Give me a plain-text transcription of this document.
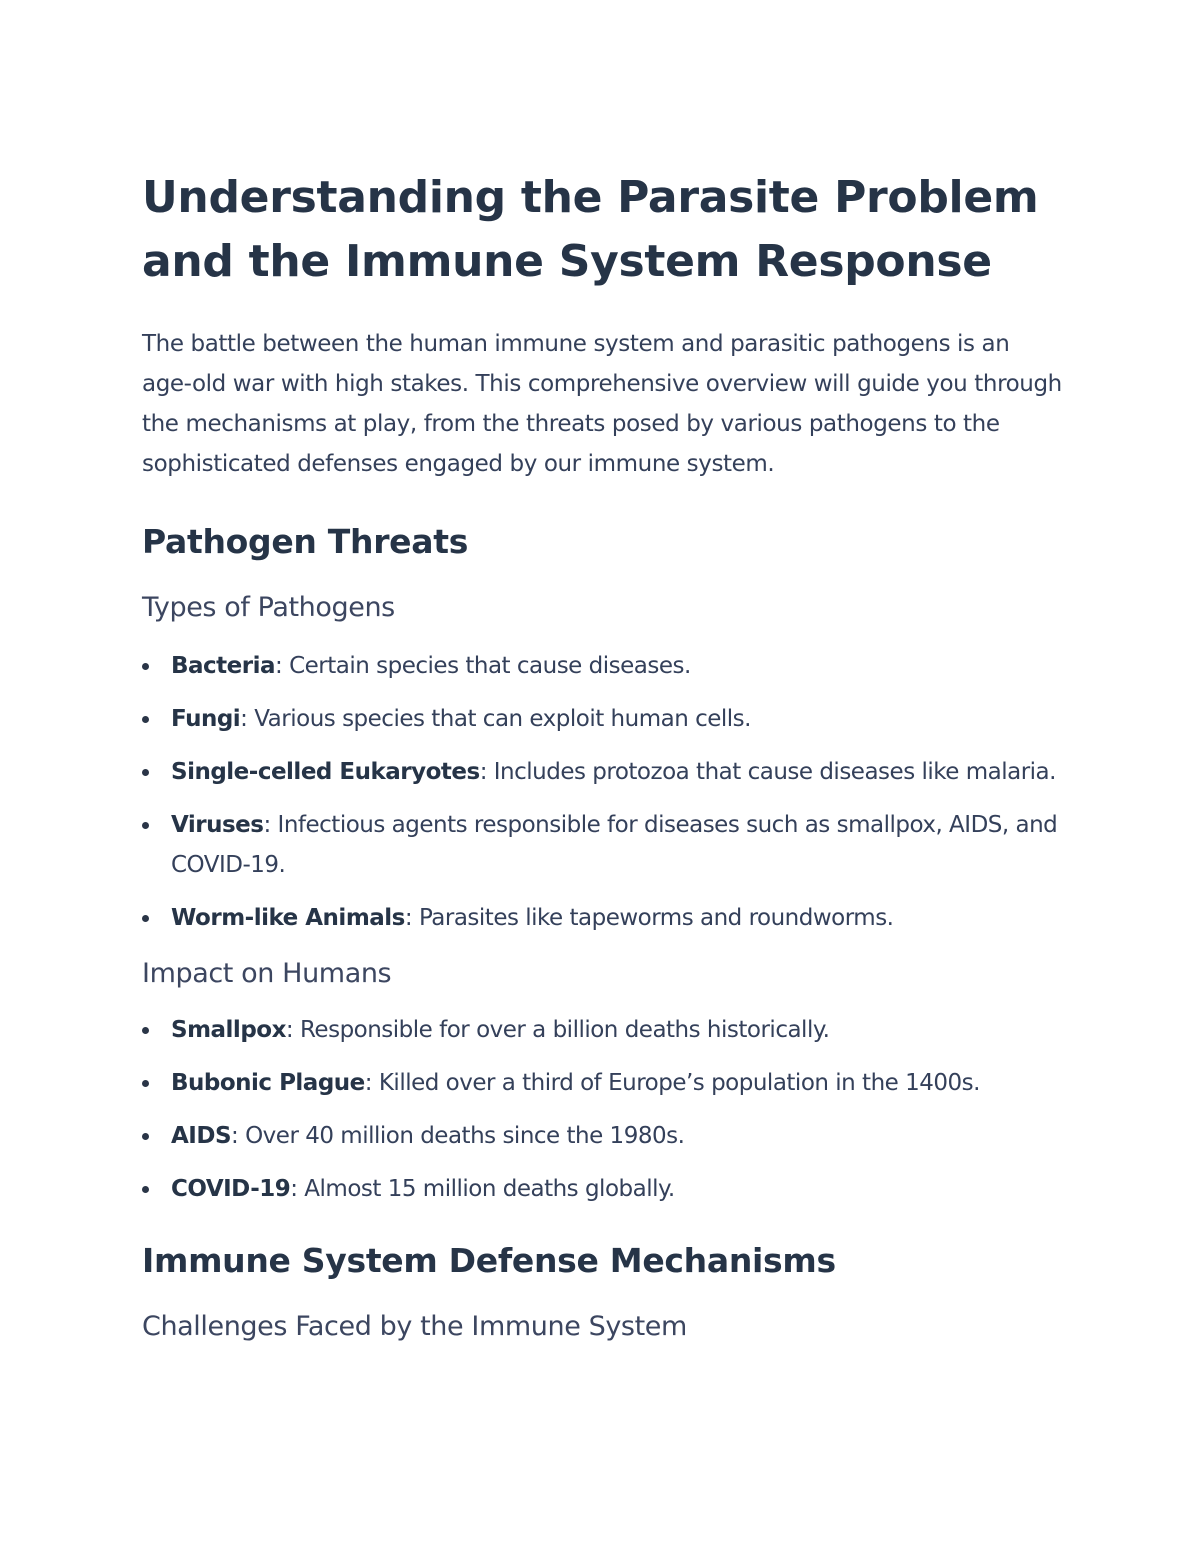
Understanding the Parasite Problem and the Immune System Response

The battle between the human immune system and parasitic pathogens is an age-old war with high stakes. This comprehensive overview will guide you through the mechanisms at play, from the threats posed by various pathogens to the sophisticated defenses engaged by our immune system.

Pathogen Threats
Types of Pathogens
Bacteria: Certain species that cause diseases.
Fungi: Various species that can exploit human cells.
Single-celled Eukaryotes: Includes protozoa that cause diseases like malaria.
Viruses: Infectious agents responsible for diseases such as smallpox, AIDS, and COVID-19.
Worm-like Animals: Parasites like tapeworms and roundworms.
Impact on Humans
Smallpox: Responsible for over a billion deaths historically.
Bubonic Plague: Killed over a third of Europe’s population in the 1400s.
AIDS: Over 40 million deaths since the 1980s.
COVID-19: Almost 15 million deaths globally.
Immune System Defense Mechanisms
Challenges Faced by the Immune System
